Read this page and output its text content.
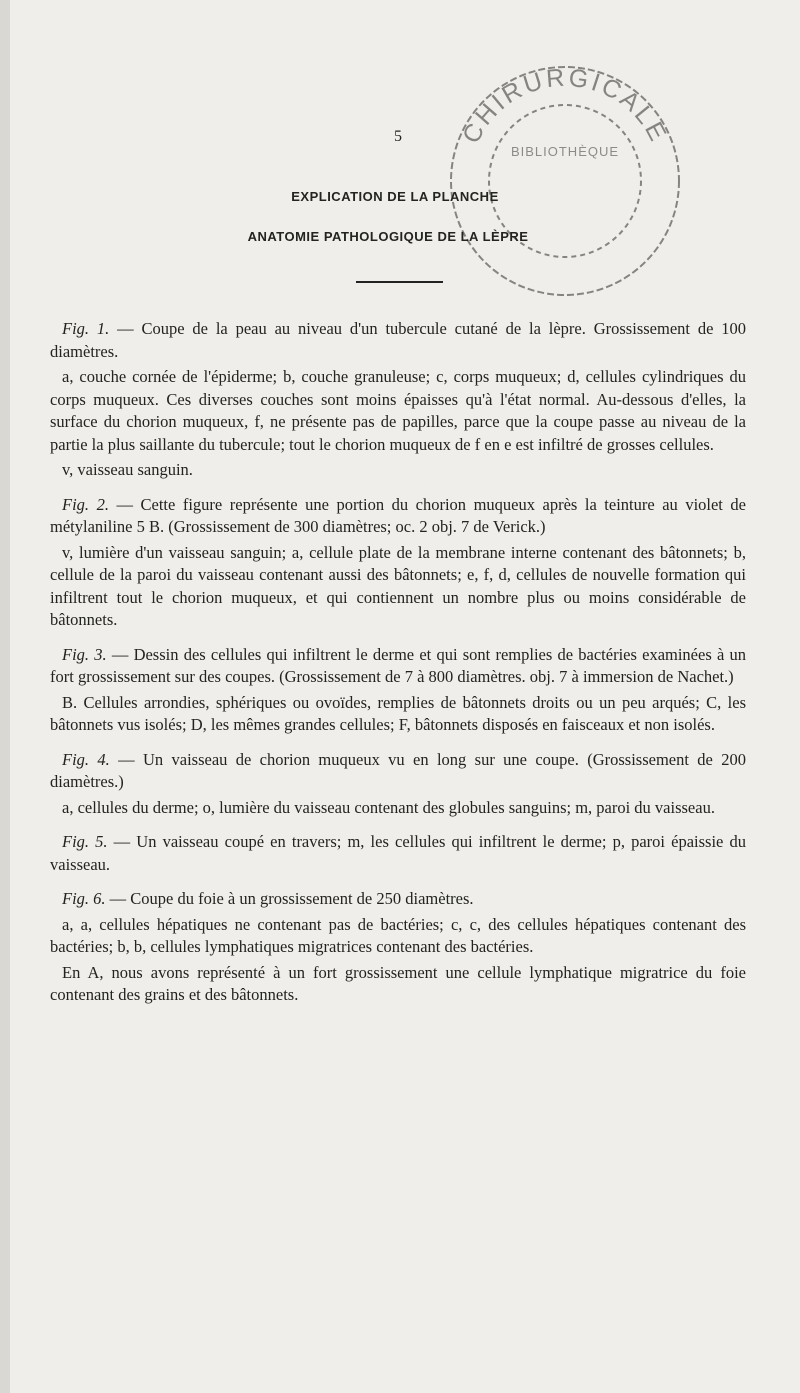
5 CHIRURGICALE
BIBLIOTHÈQUE
EXPLICATION DE LA PLANCHE
ANATOMIE PATHOLOGIQUE DE LA LÈPRE

Fig. 1. — Coupe de la peau au niveau d'un tubercule cutané de la lèpre. Grossissement de 100 diamètres.

a, couche cornée de l'épiderme; b, couche granuleuse; c, corps muqueux; d, cellules cylindriques du corps muqueux. Ces diverses couches sont moins épaisses qu'à l'état normal. Au-dessous d'elles, la surface du chorion muqueux, f, ne présente pas de papilles, parce que la coupe passe au niveau de la partie la plus saillante du tubercule; tout le chorion muqueux de f en e est infiltré de grosses cellules.

v, vaisseau sanguin.

Fig. 2. — Cette figure représente une portion du chorion muqueux après la teinture au violet de métylaniline 5 B. (Grossissement de 300 diamètres; oc. 2 obj. 7 de Verick.)

v, lumière d'un vaisseau sanguin; a, cellule plate de la membrane interne contenant des bâtonnets; b, cellule de la paroi du vaisseau contenant aussi des bâtonnets; e, f, d, cellules de nouvelle formation qui infiltrent tout le chorion muqueux, et qui contiennent un nombre plus ou moins considérable de bâtonnets.

Fig. 3. — Dessin des cellules qui infiltrent le derme et qui sont remplies de bactéries examinées à un fort grossissement sur des coupes. (Grossissement de 7 à 800 diamètres. obj. 7 à immersion de Nachet.)

B. Cellules arrondies, sphériques ou ovoïdes, remplies de bâtonnets droits ou un peu arqués; C, les bâtonnets vus isolés; D, les mêmes grandes cellules; F, bâtonnets disposés en faisceaux et non isolés.

Fig. 4. — Un vaisseau de chorion muqueux vu en long sur une coupe. (Grossissement de 200 diamètres.)

a, cellules du derme; o, lumière du vaisseau contenant des globules sanguins; m, paroi du vaisseau.

Fig. 5. — Un vaisseau coupé en travers; m, les cellules qui infiltrent le derme; p, paroi épaissie du vaisseau.

Fig. 6. — Coupe du foie à un grossissement de 250 diamètres.

a, a, cellules hépatiques ne contenant pas de bactéries; c, c, des cellules hépatiques contenant des bactéries; b, b, cellules lymphatiques migratrices contenant des bactéries.

En A, nous avons représenté à un fort grossissement une cellule lymphatique migratrice du foie contenant des grains et des bâtonnets.
